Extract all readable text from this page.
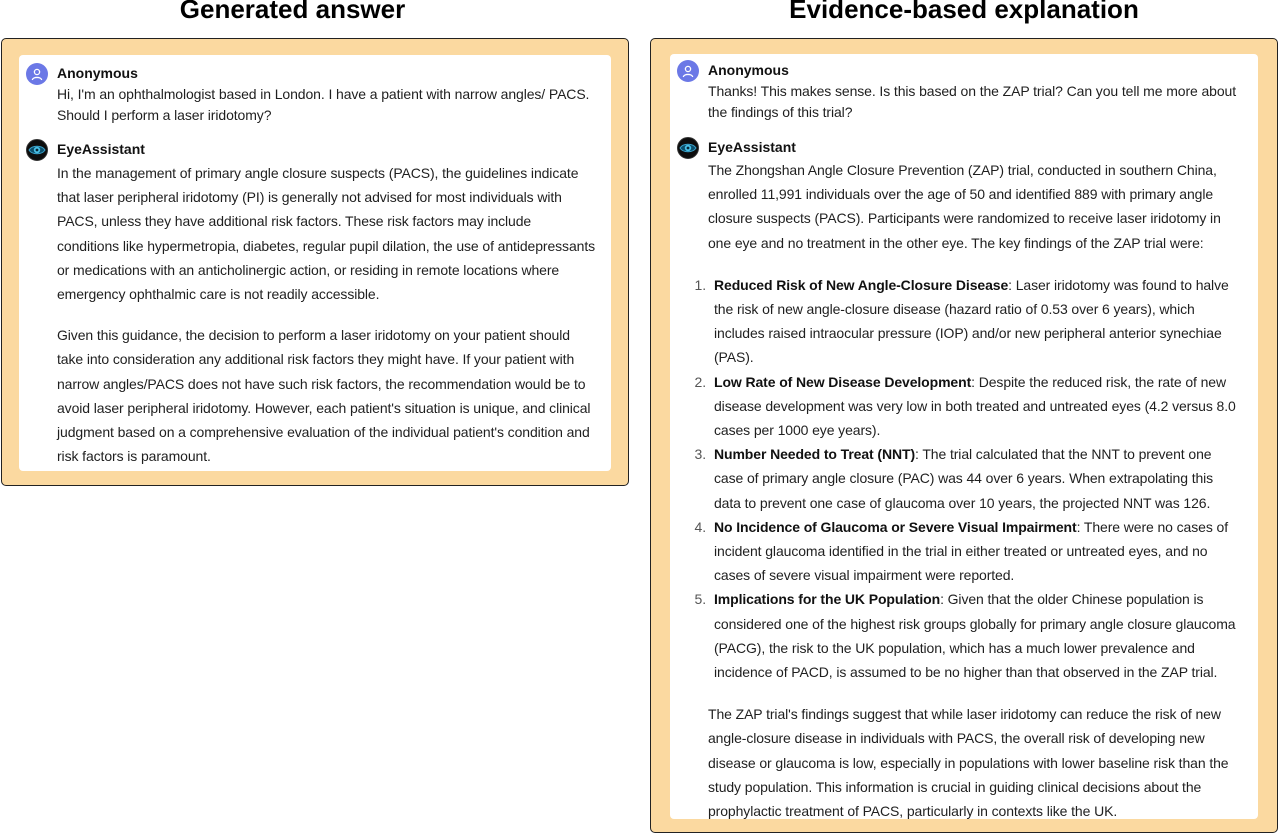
Generated answer	Evidence-based explanation
Anonymous
Hi, I'm an ophthalmologist based in London. I have a patient with narrow angles/ PACS. Should I perform a laser iridotomy?
EyeAssistant

In the management of primary angle closure suspects (PACS), the guidelines indicate that laser peripheral iridotomy (PI) is generally not advised for most individuals with PACS, unless they have additional risk factors. These risk factors may include conditions like hypermetropia, diabetes, regular pupil dilation, the use of antidepressants or medications with an anticholinergic action, or residing in remote locations where emergency ophthalmic care is not readily accessible.

Given this guidance, the decision to perform a laser iridotomy on your patient should take into consideration any additional risk factors they might have. If your patient with narrow angles/PACS does not have such risk factors, the recommendation would be to avoid laser peripheral iridotomy. However, each patient's situation is unique, and clinical judgment based on a comprehensive evaluation of the individual patient's condition and risk factors is paramount.

Anonymous
Thanks! This makes sense. Is this based on the ZAP trial? Can you tell me more about the findings of this trial?
EyeAssistant

The Zhongshan Angle Closure Prevention (ZAP) trial, conducted in southern China, enrolled 11,991 individuals over the age of 50 and identified 889 with primary angle closure suspects (PACS). Participants were randomized to receive laser iridotomy in one eye and no treatment in the other eye. The key findings of the ZAP trial were:

1. Reduced Risk of New Angle-Closure Disease: Laser iridotomy was found to halve the risk of new angle-closure disease (hazard ratio of 0.53 over 6 years), which includes raised intraocular pressure (IOP) and/or new peripheral anterior synechiae (PAS).
2. Low Rate of New Disease Development: Despite the reduced risk, the rate of new disease development was very low in both treated and untreated eyes (4.2 versus 8.0 cases per 1000 eye years).
3. Number Needed to Treat (NNT): The trial calculated that the NNT to prevent one case of primary angle closure (PAC) was 44 over 6 years. When extrapolating this data to prevent one case of glaucoma over 10 years, the projected NNT was 126.
4. No Incidence of Glaucoma or Severe Visual Impairment: There were no cases of incident glaucoma identified in the trial in either treated or untreated eyes, and no cases of severe visual impairment were reported.
5. Implications for the UK Population: Given that the older Chinese population is considered one of the highest risk groups globally for primary angle closure glaucoma (PACG), the risk to the UK population, which has a much lower prevalence and incidence of PACD, is assumed to be no higher than that observed in the ZAP trial.

The ZAP trial's findings suggest that while laser iridotomy can reduce the risk of new angle-closure disease in individuals with PACS, the overall risk of developing new disease or glaucoma is low, especially in populations with lower baseline risk than the study population. This information is crucial in guiding clinical decisions about the prophylactic treatment of PACS, particularly in contexts like the UK.
